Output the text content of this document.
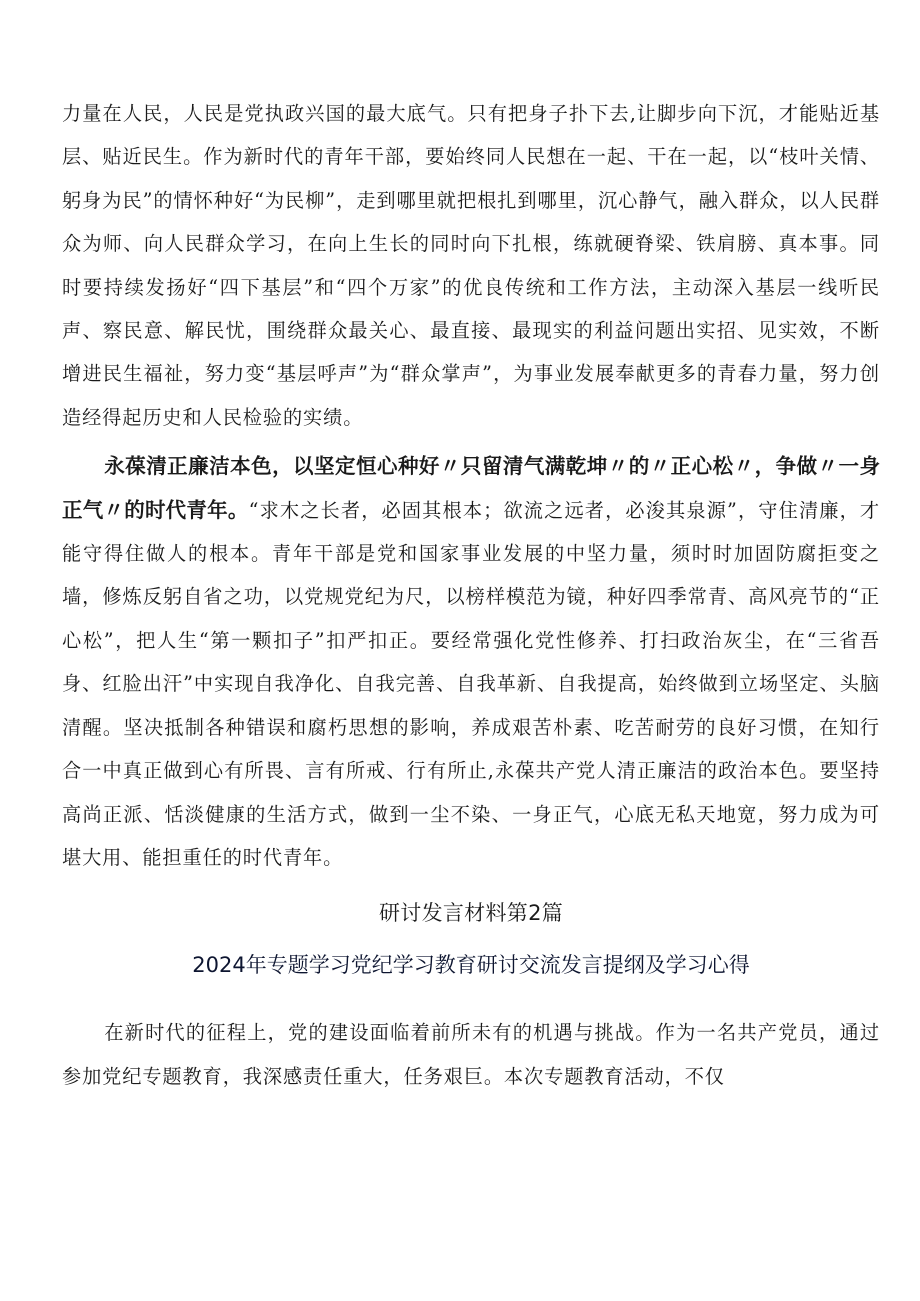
力量在人民，人民是党执政兴国的最大底气。只有把身子扑下去,让脚步向下沉，才能贴近基层、贴近民生。作为新时代的青年干部，要始终同人民想在一起、干在一起，以“枝叶关情、躬身为民”的情怀种好“为民柳”，走到哪里就把根扎到哪里，沉心静气，融入群众，以人民群众为师、向人民群众学习，在向上生长的同时向下扎根，练就硬脊梁、铁肩膀、真本事。同时要持续发扬好“四下基层”和“四个万家”的优良传统和工作方法，主动深入基层一线听民声、察民意、解民忧，围绕群众最关心、最直接、最现实的利益问题出实招、见实效，不断增进民生福祉，努力变“基层呼声”为“群众掌声”，为事业发展奉献更多的青春力量，努力创造经得起历史和人民检验的实绩。

永葆清正廉洁本色，以坚定恒心种好〃只留清气满乾坤〃的〃正心松〃，争做〃一身正气〃的时代青年。“求木之长者，必固其根本；欲流之远者，必浚其泉源”，守住清廉，才能守得住做人的根本。青年干部是党和国家事业发展的中坚力量，须时时加固防腐拒变之墙，修炼反躬自省之功，以党规党纪为尺，以榜样模范为镜，种好四季常青、高风亮节的“正心松”，把人生“第一颗扣子”扣严扣正。要经常强化党性修养、打扫政治灰尘，在“三省吾身、红脸出汗”中实现自我净化、自我完善、自我革新、自我提高，始终做到立场坚定、头脑清醒。坚决抵制各种错误和腐朽思想的影响，养成艰苦朴素、吃苦耐劳的良好习惯，在知行合一中真正做到心有所畏、言有所戒、行有所止,永葆共产党人清正廉洁的政治本色。要坚持高尚正派、恬淡健康的生活方式，做到一尘不染、一身正气，心底无私天地宽，努力成为可堪大用、能担重任的时代青年。

研讨发言材料第2篇
2024年专题学习党纪学习教育研讨交流发言提纲及学习心得

在新时代的征程上，党的建设面临着前所未有的机遇与挑战。作为一名共产党员，通过参加党纪专题教育，我深感责任重大，任务艰巨。本次专题教育活动，不仅
